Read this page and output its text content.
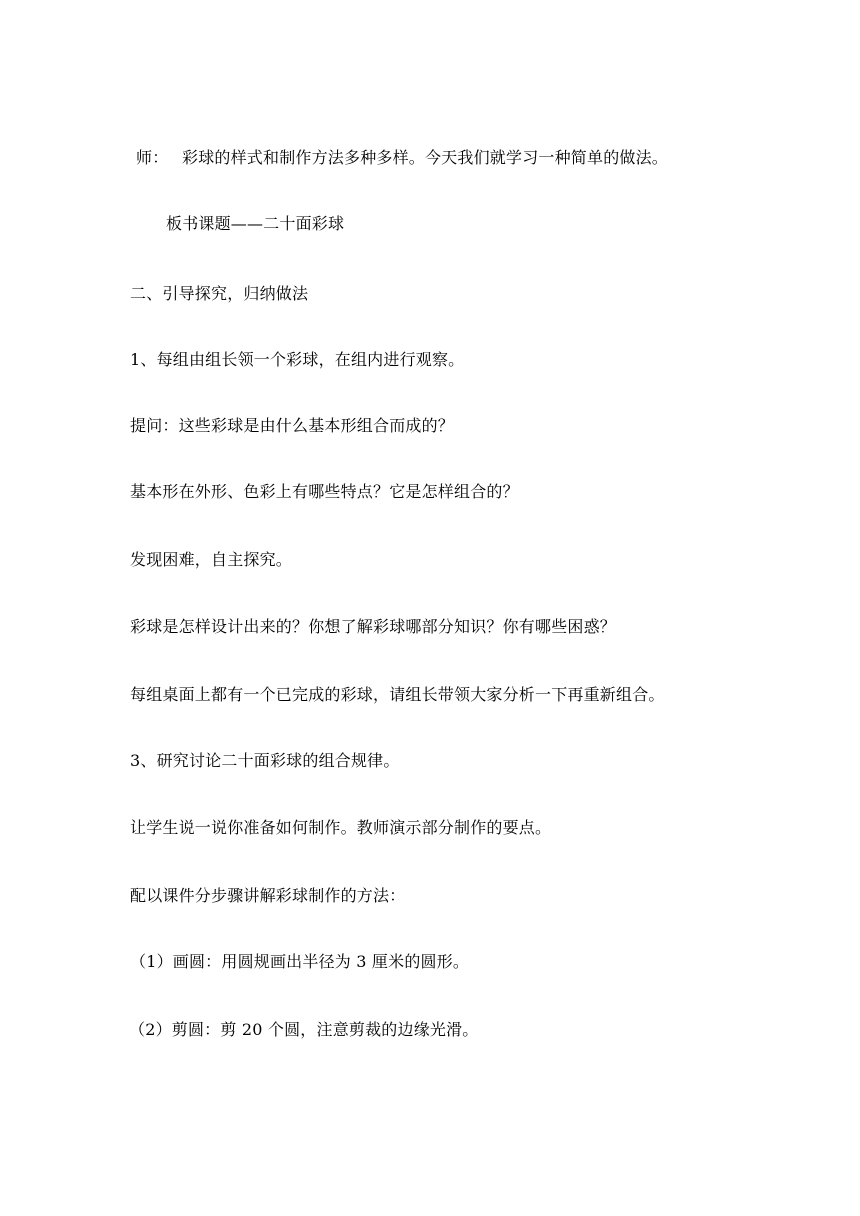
师： 彩球的样式和制作方法多种多样。今天我们就学习一种简单的做法。
板书课题——二十面彩球
二、引导探究，归纳做法
1、每组由组长领一个彩球，在组内进行观察。
提问：这些彩球是由什么基本形组合而成的？
基本形在外形、色彩上有哪些特点？它是怎样组合的？
发现困难，自主探究。
彩球是怎样设计出来的？你想了解彩球哪部分知识？你有哪些困惑？
每组桌面上都有一个已完成的彩球，请组长带领大家分析一下再重新组合。
3、研究讨论二十面彩球的组合规律。
让学生说一说你准备如何制作。教师演示部分制作的要点。
配以课件分步骤讲解彩球制作的方法：
（1）画圆：用圆规画出半径为 3 厘米的圆形。
（2）剪圆：剪 20 个圆，注意剪裁的边缘光滑。
